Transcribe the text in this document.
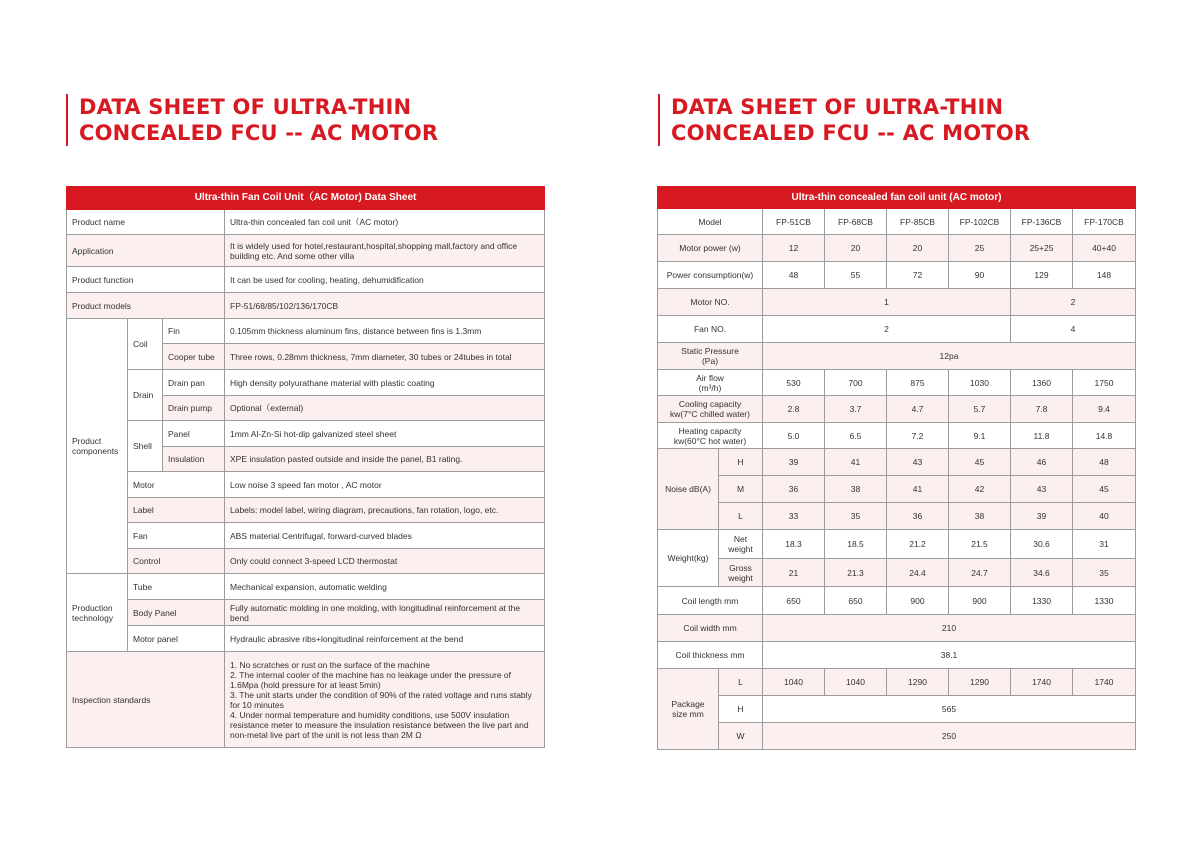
DATA SHEET OF ULTRA-THIN
CONCEALED FCU -- AC MOTOR
Ultra-thin Fan Coil Unit（AC Motor) Data Sheet			
Product name			Ultra-thin concealed fan coil unit（AC motor)
Application			It is widely used for hotel,restaurant,hospital,shopping mall,factory and office building etc. And some other villa
Product function			It can be used for cooling, heating, dehumidification
Product models			FP-51/68/85/102/136/170CB
Product components	Coil	Fin	0.105mm thickness aluminum fins, distance between fins is 1.3mm
		Cooper tube	Three rows, 0.28mm thickness, 7mm diameter, 30 tubes or 24tubes in total
	Drain	Drain pan	High density polyurathane material with plastic coating
		Drain pump	Optional（external)
	Shell	Panel	1mm Al-Zn-Si hot-dip galvanized steel sheet
		Insulation	XPE insulation pasted outside and inside the panel, B1 rating.
	Motor		Low noise 3 speed fan motor , AC motor
	Label		Labels: model label, wiring diagram, precautions, fan rotation, logo, etc.
	Fan		ABS material Centrifugal, forward-curved blades
	Control		Only could connect 3-speed LCD thermostat
Production technology	Tube		Mechanical expansion, automatic welding
	Body Panel		Fully automatic molding in one molding, with longitudinal reinforcement at the bend
	Motor panel		Hydraulic abrasive ribs+longitudinal reinforcement at the bend
Inspection standards			1. No scratches or rust on the surface of the machine
2. The internal cooler of the machine has no leakage under the pressure of 1.6Mpa (hold pressure for at least 5min)
3. The unit starts under the condition of 90% of the rated voltage and runs stably for 10 minutes
4. Under normal temperature and humidity conditions, use 500V insulation resistance meter to measure the insulation resistance between the live part and non-metal live part of the unit is not less than 2M Ω
DATA SHEET OF ULTRA-THIN
CONCEALED FCU -- AC MOTOR
Ultra-thin concealed fan coil unit (AC motor)							
Model		FP-51CB	FP-68CB	FP-85CB	FP-102CB	FP-136CB	FP-170CB
Motor power (w)		12	20	20	25	25+25	40+40
Power consumption(w)		48	55	72	90	129	148
Motor NO.		1				2	
Fan NO.		2				4	

Static Pressure
(Pa)		12pa					

Air flow
(m³/h)		530	700	875	1030	1360	1750

Cooling capacity
kw(7°C chilled water)		2.8	3.7	4.7	5.7	7.8	9.4

Heating capacity
kw(60°C hot water)		5.0	6.5	7.2	9.1	11.8	14.8
Noise dB(A)	H	39	41	43	45	46	48
	M	36	38	41	42	43	45
	L	33	35	36	38	39	40
Weight(kg)	Net
weight	18.3	18.5	21.2	21.5	30.6	31

	Gross
weight	21	21.3	24.4	24.7	34.6	35
Coil length mm		650	650	900	900	1330	1330
Coil width mm		210					
Coil thickness mm		38.1					

Package
size mm	L	1040	1040	1290	1290	1740	1740
	H	565					
	W	250					
